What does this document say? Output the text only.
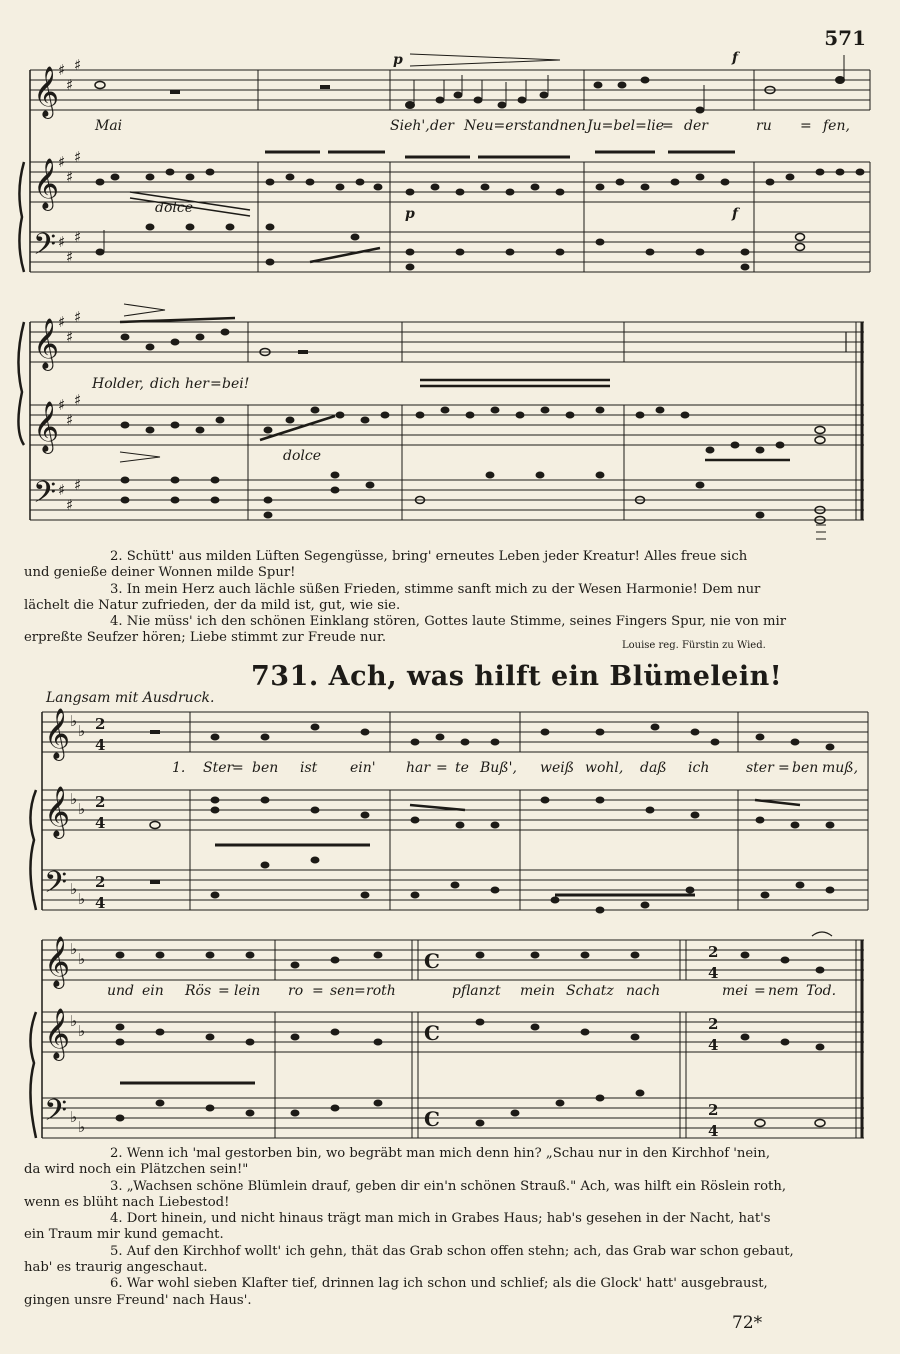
571
𝄞
𝄞
𝄢
♯
♯
♯
♯
♯
♯
♯
♯
♯
p	f
p	f
dolce
Mai	Sieh', der Neu=erstandnen Ju=bel=lie
= der	ru = fen,
𝄞
𝄞
𝄢
♯
♯
♯
♯
♯
♯
♯
♯
♯
dolce
Holder, dich her = bei!

2. Schütt' aus milden Lüften Segengüsse, bring' erneutes Leben jeder Kreatur! Alles freue sich

und genieße deiner Wonnen milde Spur!

3. In mein Herz auch lächle süßen Frieden, stimme sanft mich zu der Wesen Harmonie! Dem nur

lächelt die Natur zufrieden, der da mild ist, gut, wie sie.

4. Nie müss' ich den schönen Einklang stören, Gottes laute Stimme, seines Fingers Spur, nie von mir

erpreßte Seufzer hören; Liebe stimmt zur Freude nur.

Louise reg. Fürstin zu Wied.
731. Ach, was hilft ein Blümelein!
Langsam mit Ausdruck.
𝄞
𝄞
𝄢
♭
♭
♭
♭
♭
♭
2
4
2
4
2
4
1. Ster
= ben ist ein' har = te Buß', weiß wohl, daß ich	ster = ben muß,
𝄞
𝄞
𝄢
♭
♭
♭
♭
♭
♭
C
C
C
2
4
2
4
2
4
und ein Rös = lein ro = sen = roth	pflanzt mein Schatz nach	mei = nem Tod.

2. Wenn ich 'mal gestorben bin, wo begräbt man mich denn hin? „Schau nur in den Kirchhof 'nein,

da wird noch ein Plätzchen sein!"

3. „Wachsen schöne Blümlein drauf, geben dir ein'n schönen Strauß." Ach, was hilft ein Röslein roth,

wenn es blüht nach Liebestod!

4. Dort hinein, und nicht hinaus trägt man mich in Grabes Haus; hab's gesehen in der Nacht, hat's

ein Traum mir kund gemacht.

5. Auf den Kirchhof wollt' ich gehn, thät das Grab schon offen stehn; ach, das Grab war schon gebaut,

hab' es traurig angeschaut.

6. War wohl sieben Klafter tief, drinnen lag ich schon und schlief; als die Glock' hatt' ausgebraust,

gingen unsre Freund' nach Haus'.

72*
